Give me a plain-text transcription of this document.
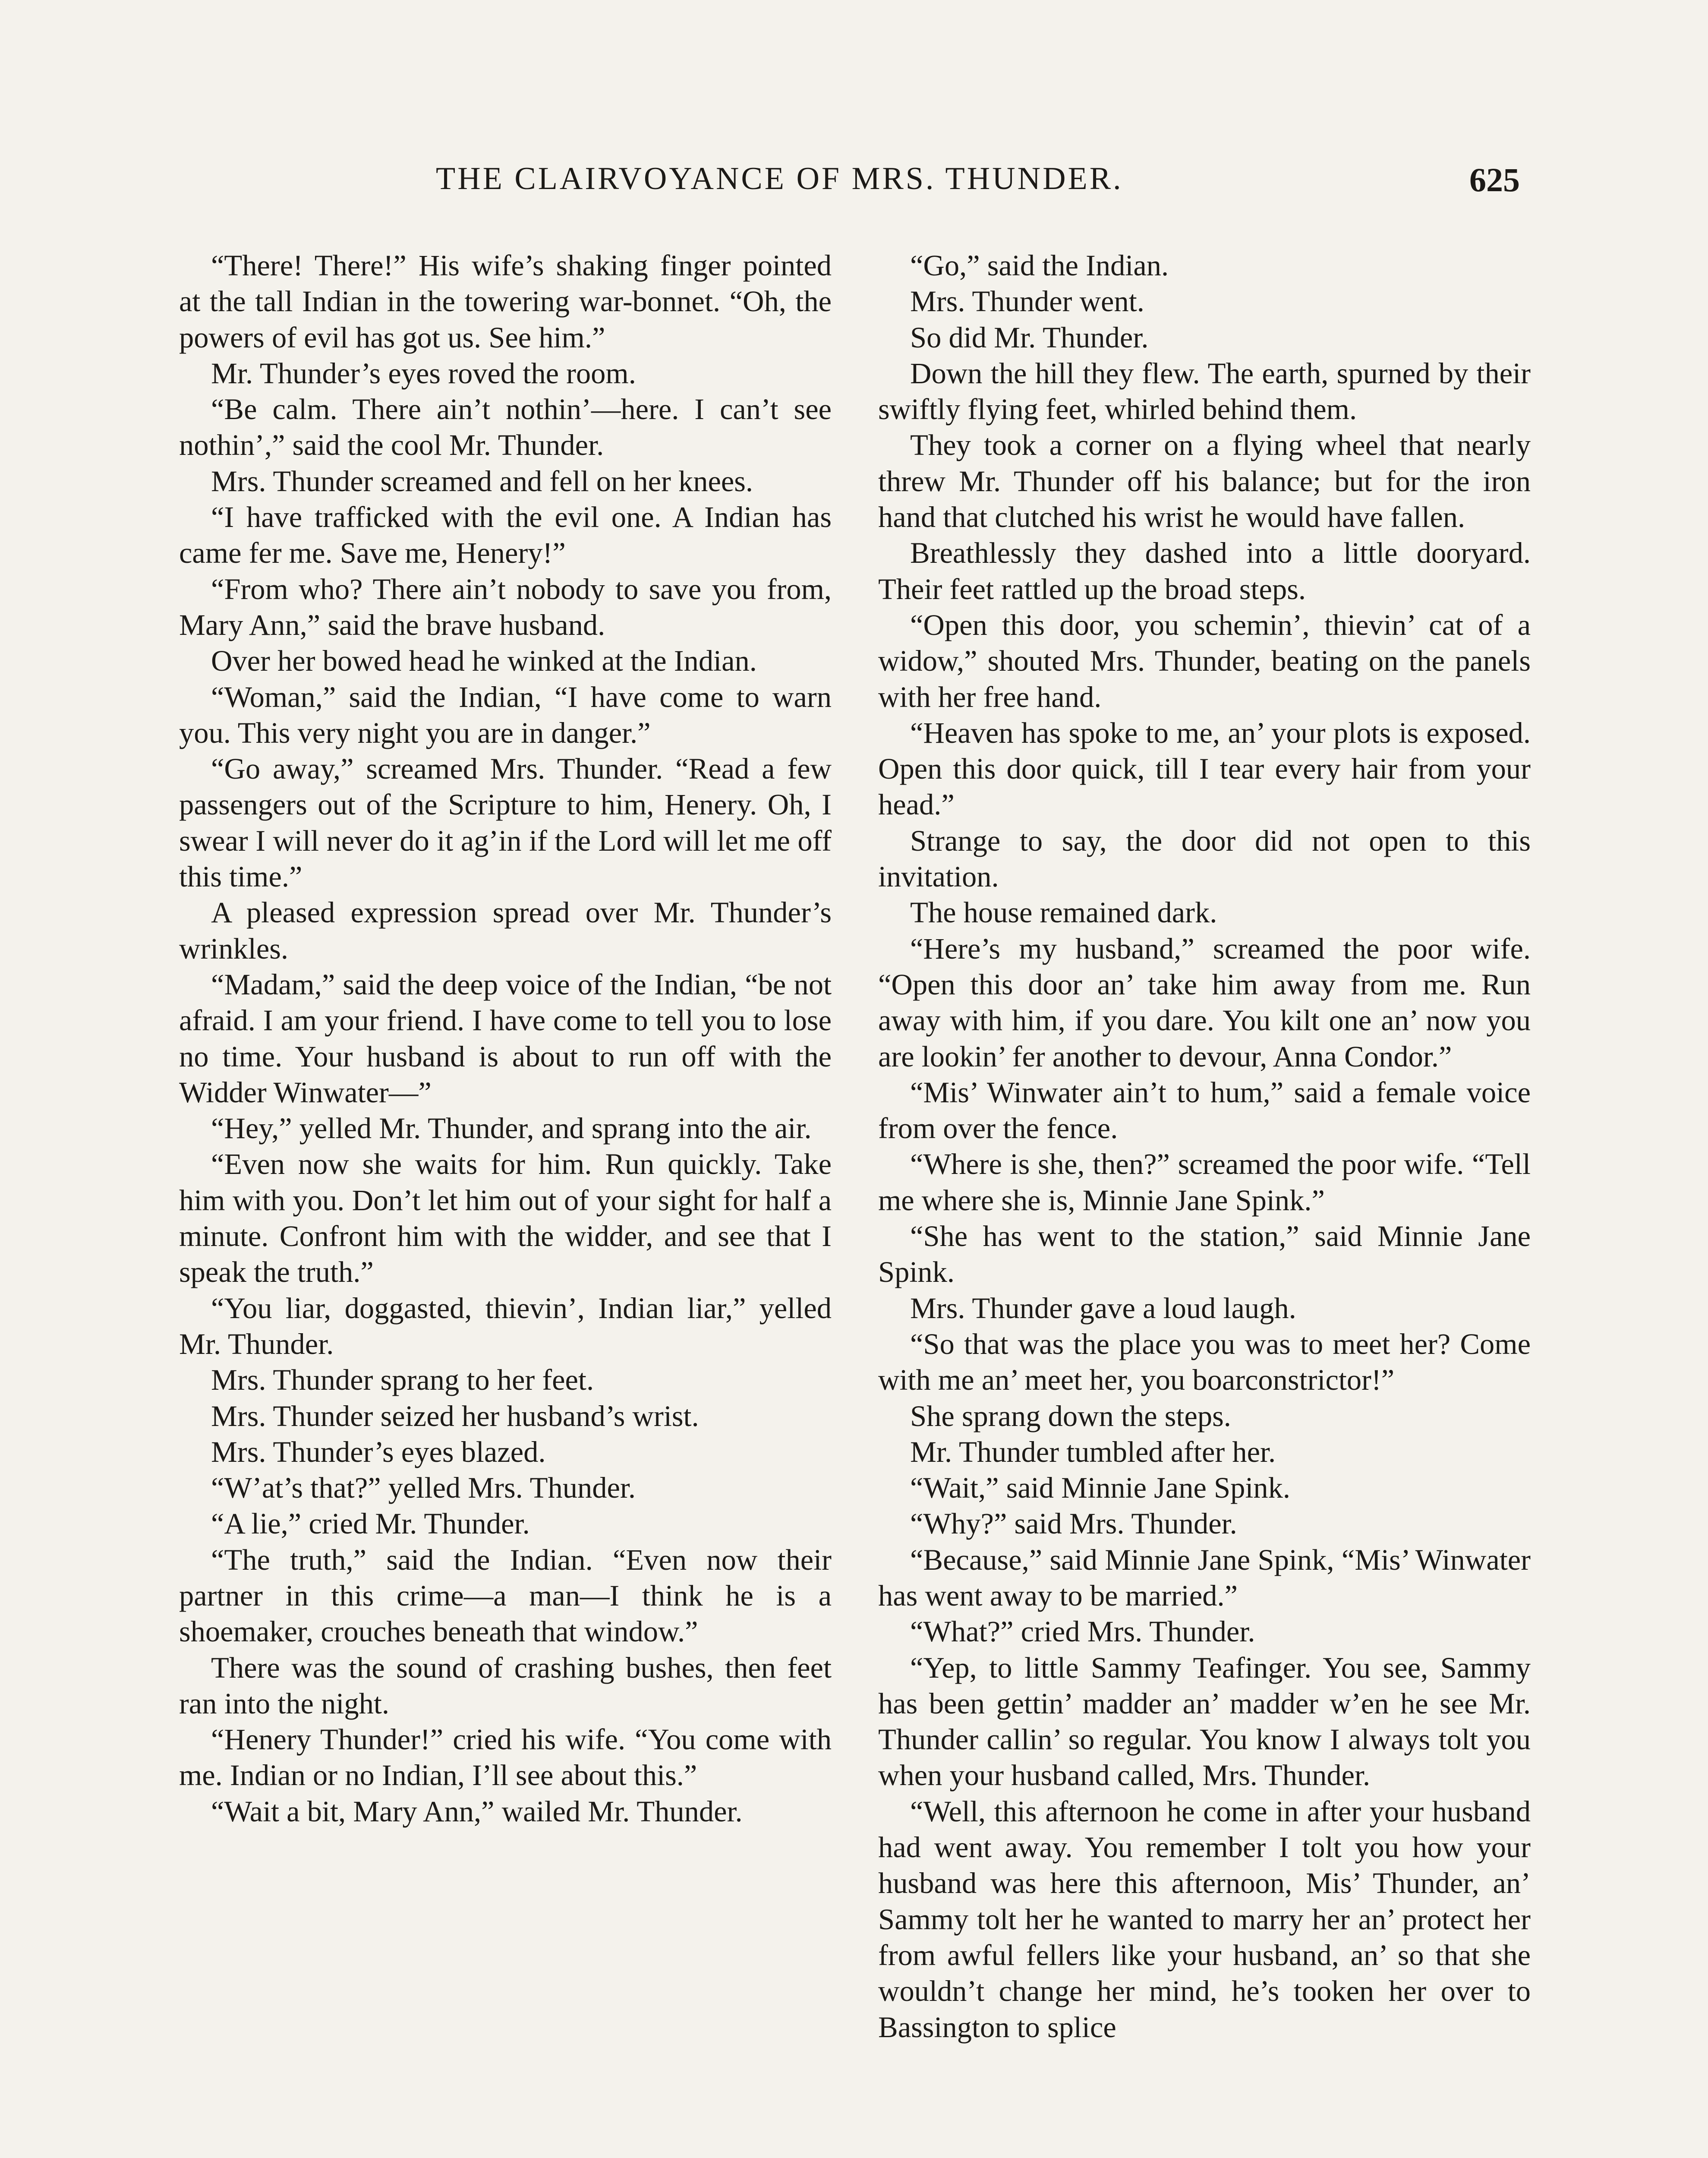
THE CLAIRVOYANCE OF MRS. THUNDER.	625

“There! There!” His wife’s shaking finger pointed at the tall Indian in the towering war-bonnet. “Oh, the powers of evil has got us. See him.”

Mr. Thunder’s eyes roved the room.

“Be calm. There ain’t nothin’—here. I can’t see nothin’,” said the cool Mr. Thunder.

Mrs. Thunder screamed and fell on her knees.

“I have trafficked with the evil one. A Indian has came fer me. Save me, Henery!”

“From who? There ain’t nobody to save you from, Mary Ann,” said the brave husband.

Over her bowed head he winked at the Indian.

“Woman,” said the Indian, “I have come to warn you. This very night you are in danger.”

“Go away,” screamed Mrs. Thunder. “Read a few passengers out of the Scripture to him, Henery. Oh, I swear I will never do it ag’in if the Lord will let me off this time.”

A pleased expression spread over Mr. Thunder’s wrinkles.

“Madam,” said the deep voice of the Indian, “be not afraid. I am your friend. I have come to tell you to lose no time. Your husband is about to run off with the Widder Winwater—”

“Hey,” yelled Mr. Thunder, and sprang into the air.

“Even now she waits for him. Run quickly. Take him with you. Don’t let him out of your sight for half a minute. Confront him with the widder, and see that I speak the truth.”

“You liar, doggasted, thievin’, Indian liar,” yelled Mr. Thunder.

Mrs. Thunder sprang to her feet.

Mrs. Thunder seized her husband’s wrist.

Mrs. Thunder’s eyes blazed.

“W’at’s that?” yelled Mrs. Thunder.

“A lie,” cried Mr. Thunder.

“The truth,” said the Indian. “Even now their partner in this crime—a man—I think he is a shoemaker, crouches beneath that window.”

There was the sound of crashing bushes, then feet ran into the night.

“Henery Thunder!” cried his wife. “You come with me. Indian or no Indian, I’ll see about this.”

“Wait a bit, Mary Ann,” wailed Mr. Thunder.

“Go,” said the Indian.

Mrs. Thunder went.

So did Mr. Thunder.

Down the hill they flew. The earth, spurned by their swiftly flying feet, whirled behind them.

They took a corner on a flying wheel that nearly threw Mr. Thunder off his balance; but for the iron hand that clutched his wrist he would have fallen.

Breathlessly they dashed into a little dooryard. Their feet rattled up the broad steps.

“Open this door, you schemin’, thievin’ cat of a widow,” shouted Mrs. Thunder, beating on the panels with her free hand.

“Heaven has spoke to me, an’ your plots is exposed. Open this door quick, till I tear every hair from your head.”

Strange to say, the door did not open to this invitation.

The house remained dark.

“Here’s my husband,” screamed the poor wife. “Open this door an’ take him away from me. Run away with him, if you dare. You kilt one an’ now you are lookin’ fer another to devour, Anna Condor.”

“Mis’ Winwater ain’t to hum,” said a female voice from over the fence.

“Where is she, then?” screamed the poor wife. “Tell me where she is, Minnie Jane Spink.”

“She has went to the station,” said Minnie Jane Spink.

Mrs. Thunder gave a loud laugh.

“So that was the place you was to meet her? Come with me an’ meet her, you boarconstrictor!”

She sprang down the steps.

Mr. Thunder tumbled after her.

“Wait,” said Minnie Jane Spink.

“Why?” said Mrs. Thunder.

“Because,” said Minnie Jane Spink, “Mis’ Winwater has went away to be married.”

“What?” cried Mrs. Thunder.

“Yep, to little Sammy Teafinger. You see, Sammy has been gettin’ madder an’ madder w’en he see Mr. Thunder callin’ so regular. You know I always tolt you when your husband called, Mrs. Thunder.

“Well, this afternoon he come in after your husband had went away. You remember I tolt you how your husband was here this afternoon, Mis’ Thunder, an’ Sammy tolt her he wanted to marry her an’ protect her from awful fellers like your husband, an’ so that she wouldn’t change her mind, he’s tooken her over to Bassington to splice
